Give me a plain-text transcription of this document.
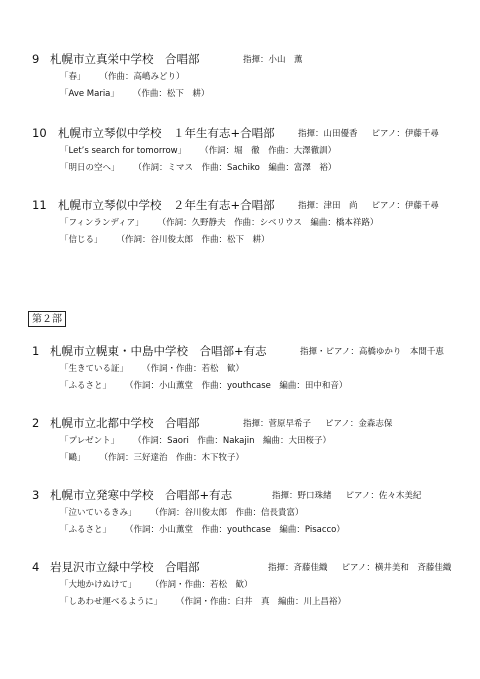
第２部
9 札幌市立真栄中学校　合唱部	指揮：小山　薫
「春」 （作曲：高嶋みどり）
「Ave Maria」 （作曲：松下　耕）
10 札幌市立琴似中学校　１年生有志+合唱部	指揮：山田優香 ピアノ：伊藤千尋
「Let’s search for tomorrow」 （作詞：堀　徹　作曲：大澤徹訓）
「明日の空へ」 （作詞：ミマス　作曲：Sachiko　編曲：富澤　裕）
11 札幌市立琴似中学校　２年生有志+合唱部	指揮：津田　尚 ピアノ：伊藤千尋
「フィンランディア」 （作詞：久野静夫　作曲：シベリウス　編曲：橋本祥路）
「信じる」 （作詞：谷川俊太郎　作曲：松下　耕）
1 札幌市立幌東・中島中学校　合唱部+有志	指揮・ピアノ：高橋ゆかり　本間千恵
「生きている証」 （作詞・作曲：若松　歓）
「ふるさと」 （作詞：小山薫堂　作曲：youthcase　編曲：田中和音）
2 札幌市立北都中学校　合唱部	指揮：菅原早希子 ピアノ：金森志保
「プレゼント」 （作詞：Saori　作曲：Nakajin　編曲：大田桜子）
「鷗」 （作詞：三好達治　作曲：木下牧子）
3 札幌市立発寒中学校　合唱部+有志	指揮：野口珠緒 ピアノ：佐々木美紀
「泣いているきみ」 （作詞：谷川俊太郎　作曲：信長貴富）
「ふるさと」 （作詞：小山薫堂　作曲：youthcase　編曲：Pisacco）
4 岩見沢市立緑中学校　合唱部	指揮：斉藤佳織 ピアノ：横井美和　斉藤佳織
「大地かけぬけて」 （作詞・作曲：若松　歓）
「しあわせ運べるように」 （作詞・作曲：臼井　真　編曲：川上昌裕）
